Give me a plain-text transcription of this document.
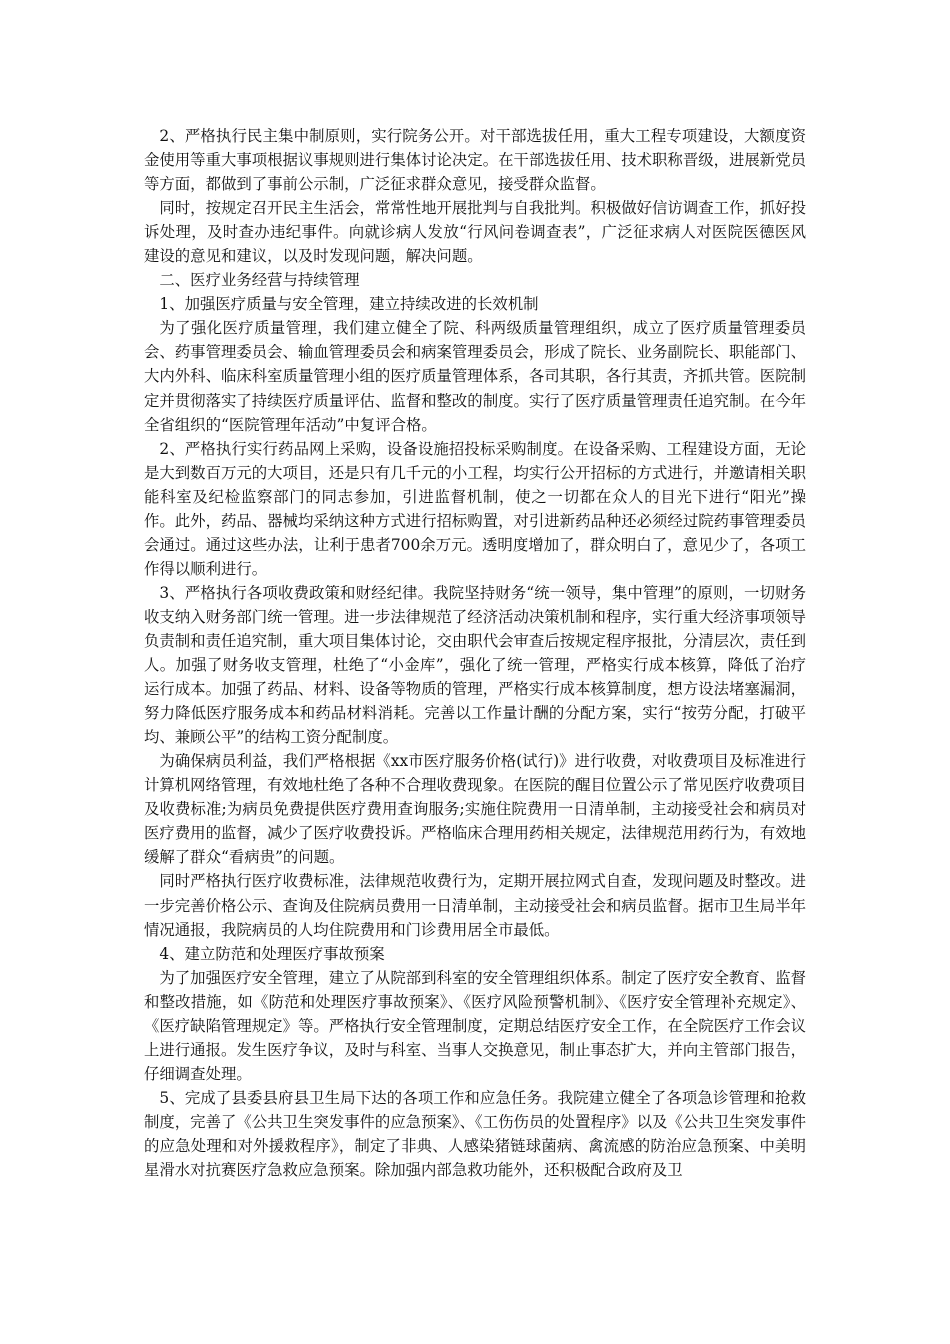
2、严格执行民主集中制原则，实行院务公开。对干部选拔任用，重大工程专项建设，大额度资金使用等重大事项根据议事规则进行集体讨论决定。在干部选拔任用、技术职称晋级，进展新党员等方面，都做到了事前公示制，广泛征求群众意见，接受群众监督。

同时，按规定召开民主生活会，常常性地开展批判与自我批判。积极做好信访调查工作，抓好投诉处理，及时查办违纪事件。向就诊病人发放“行风问卷调查表”，广泛征求病人对医院医德医风建设的意见和建议，以及时发现问题，解决问题。

二、医疗业务经营与持续管理

1、加强医疗质量与安全管理，建立持续改进的长效机制

为了强化医疗质量管理，我们建立健全了院、科两级质量管理组织，成立了医疗质量管理委员会、药事管理委员会、输血管理委员会和病案管理委员会，形成了院长、业务副院长、职能部门、大内外科、临床科室质量管理小组的医疗质量管理体系，各司其职，各行其责，齐抓共管。医院制定并贯彻落实了持续医疗质量评估、监督和整改的制度。实行了医疗质量管理责任追究制。在今年全省组织的“医院管理年活动”中复评合格。

2、严格执行实行药品网上采购，设备设施招投标采购制度。在设备采购、工程建设方面，无论是大到数百万元的大项目，还是只有几千元的小工程，均实行公开招标的方式进行，并邀请相关职能科室及纪检监察部门的同志参加，引进监督机制，使之一切都在众人的目光下进行“阳光”操作。此外，药品、器械均采纳这种方式进行招标购置，对引进新药品种还必须经过院药事管理委员会通过。通过这些办法，让利于患者700余万元。透明度增加了，群众明白了，意见少了，各项工作得以顺利进行。

3、严格执行各项收费政策和财经纪律。我院坚持财务“统一领导，集中管理”的原则，一切财务收支纳入财务部门统一管理。进一步法律规范了经济活动决策机制和程序，实行重大经济事项领导负责制和责任追究制，重大项目集体讨论，交由职代会审查后按规定程序报批，分清层次，责任到人。加强了财务收支管理，杜绝了“小金库”，强化了统一管理，严格实行成本核算，降低了治疗运行成本。加强了药品、材料、设备等物质的管理，严格实行成本核算制度，想方设法堵塞漏洞，努力降低医疗服务成本和药品材料消耗。完善以工作量计酬的分配方案，实行“按劳分配，打破平均、兼顾公平”的结构工资分配制度。

为确保病员利益，我们严格根据《xx市医疗服务价格(试行)》进行收费，对收费项目及标准进行计算机网络管理，有效地杜绝了各种不合理收费现象。在医院的醒目位置公示了常见医疗收费项目及收费标准;为病员免费提供医疗费用查询服务;实施住院费用一日清单制，主动接受社会和病员对医疗费用的监督，减少了医疗收费投诉。严格临床合理用药相关规定，法律规范用药行为，有效地缓解了群众“看病贵”的问题。

同时严格执行医疗收费标准，法律规范收费行为，定期开展拉网式自查，发现问题及时整改。进一步完善价格公示、查询及住院病员费用一日清单制，主动接受社会和病员监督。据市卫生局半年情况通报，我院病员的人均住院费用和门诊费用居全市最低。

4、建立防范和处理医疗事故预案

为了加强医疗安全管理，建立了从院部到科室的安全管理组织体系。制定了医疗安全教育、监督和整改措施，如《防范和处理医疗事故预案》、《医疗风险预警机制》、《医疗安全管理补充规定》、《医疗缺陷管理规定》等。严格执行安全管理制度，定期总结医疗安全工作，在全院医疗工作会议上进行通报。发生医疗争议，及时与科室、当事人交换意见，制止事态扩大，并向主管部门报告，仔细调查处理。

5、完成了县委县府县卫生局下达的各项工作和应急任务。我院建立健全了各项急诊管理和抢救制度，完善了《公共卫生突发事件的应急预案》、《工伤伤员的处置程序》以及《公共卫生突发事件的应急处理和对外援救程序》，制定了非典、人感染猪链球菌病、禽流感的防治应急预案、中美明星滑水对抗赛医疗急救应急预案。除加强内部急救功能外，还积极配合政府及卫
